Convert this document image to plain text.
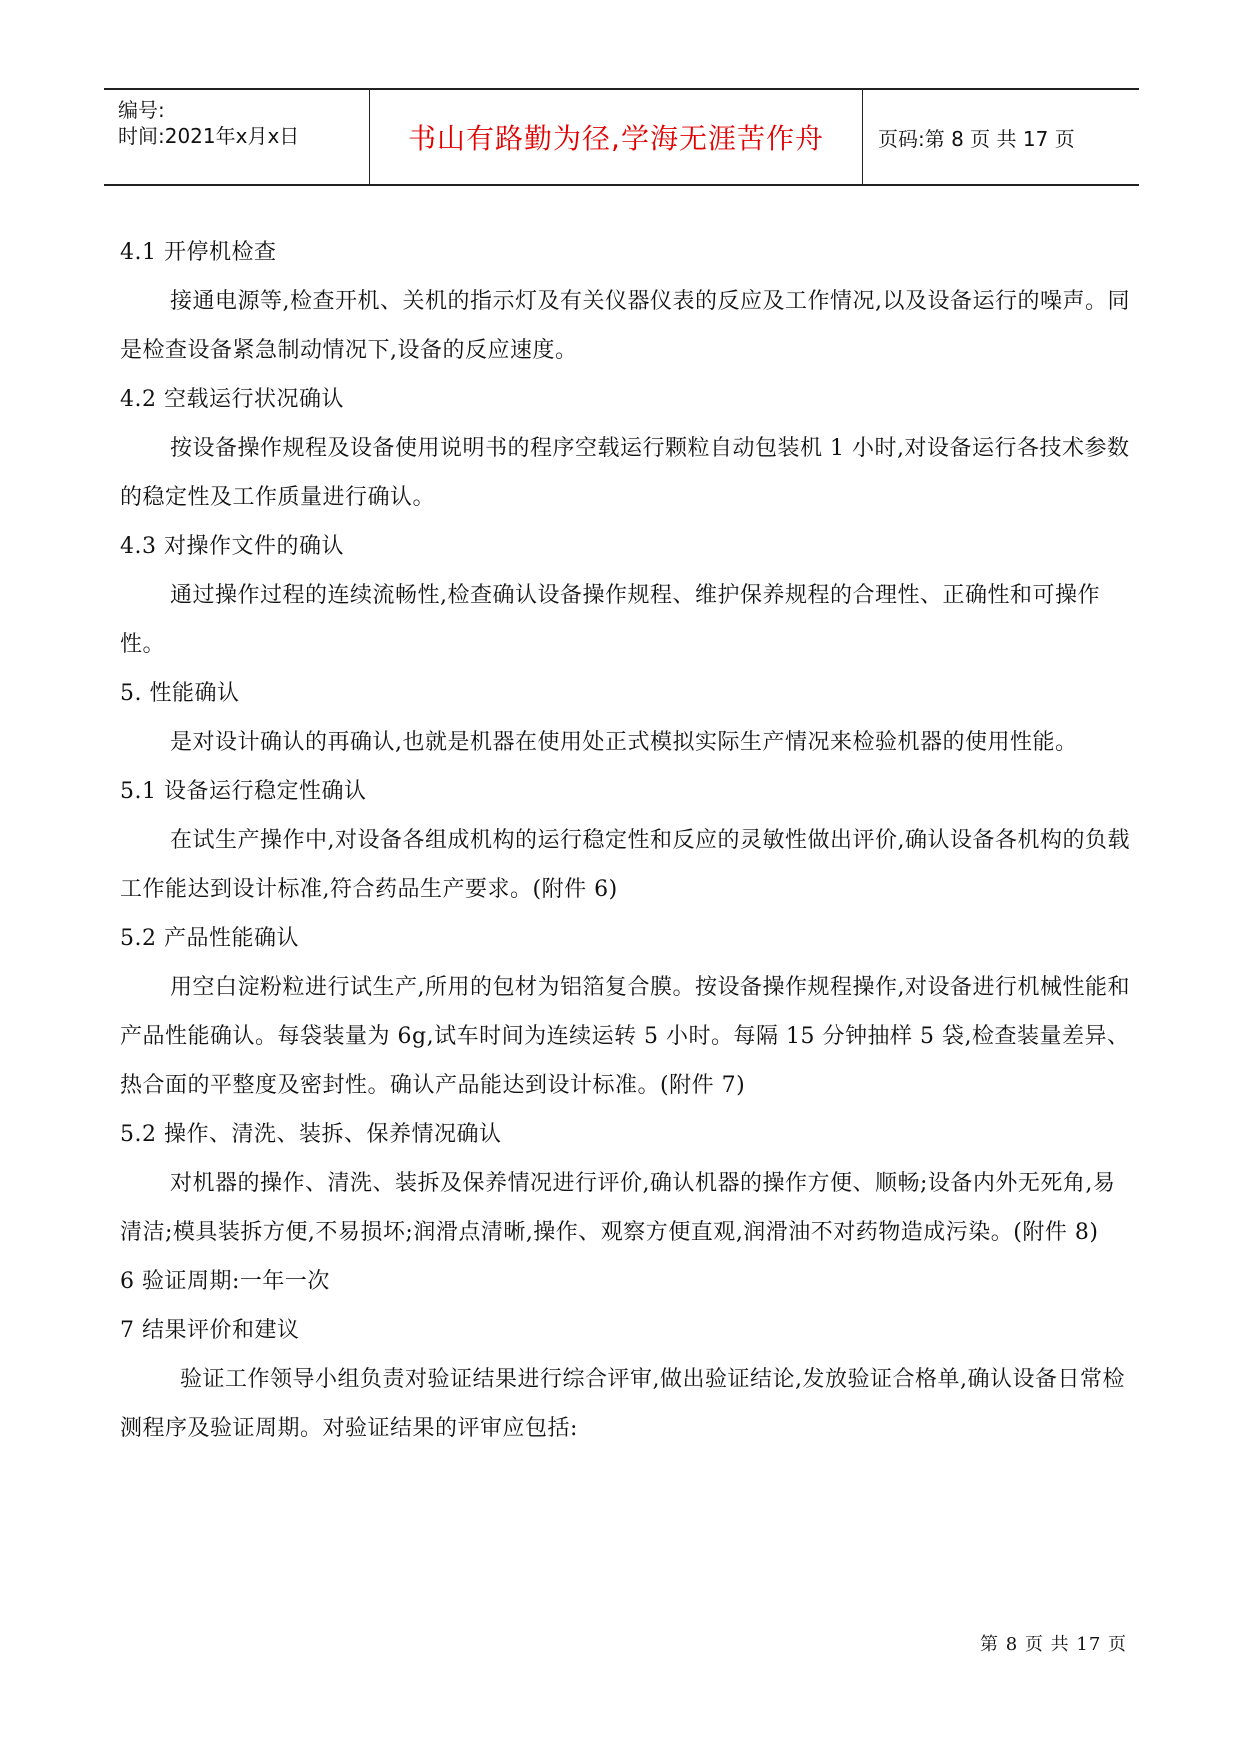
编号:
时间:2021年x月x日	书山有路勤为径,学海无涯苦作舟	页码:第 8 页 共 17 页

4.1 开停机检查

接通电源等,检查开机、关机的指示灯及有关仪器仪表的反应及工作情况,以及设备运行的噪声。同是检查设备紧急制动情况下,设备的反应速度。

4.2 空载运行状况确认

按设备操作规程及设备使用说明书的程序空载运行颗粒自动包装机 1 小时,对设备运行各技术参数的稳定性及工作质量进行确认。

4.3 对操作文件的确认

通过操作过程的连续流畅性,检查确认设备操作规程、维护保养规程的合理性、正确性和可操作性。

5. 性能确认

是对设计确认的再确认,也就是机器在使用处正式模拟实际生产情况来检验机器的使用性能。

5.1 设备运行稳定性确认

在试生产操作中,对设备各组成机构的运行稳定性和反应的灵敏性做出评价,确认设备各机构的负载工作能达到设计标准,符合药品生产要求。(附件 6)

5.2 产品性能确认

用空白淀粉粒进行试生产,所用的包材为铝箔复合膜。按设备操作规程操作,对设备进行机械性能和产品性能确认。每袋装量为 6g,试车时间为连续运转 5 小时。每隔 15 分钟抽样 5 袋,检查装量差异、热合面的平整度及密封性。确认产品能达到设计标准。(附件 7)

5.2 操作、清洗、装拆、保养情况确认

对机器的操作、清洗、装拆及保养情况进行评价,确认机器的操作方便、顺畅;设备内外无死角,易清洁;模具装拆方便,不易损坏;润滑点清晰,操作、观察方便直观,润滑油不对药物造成污染。(附件 8)

6 验证周期:一年一次

7 结果评价和建议

验证工作领导小组负责对验证结果进行综合评审,做出验证结论,发放验证合格单,确认设备日常检测程序及验证周期。对验证结果的评审应包括:

第 8 页 共 17 页
